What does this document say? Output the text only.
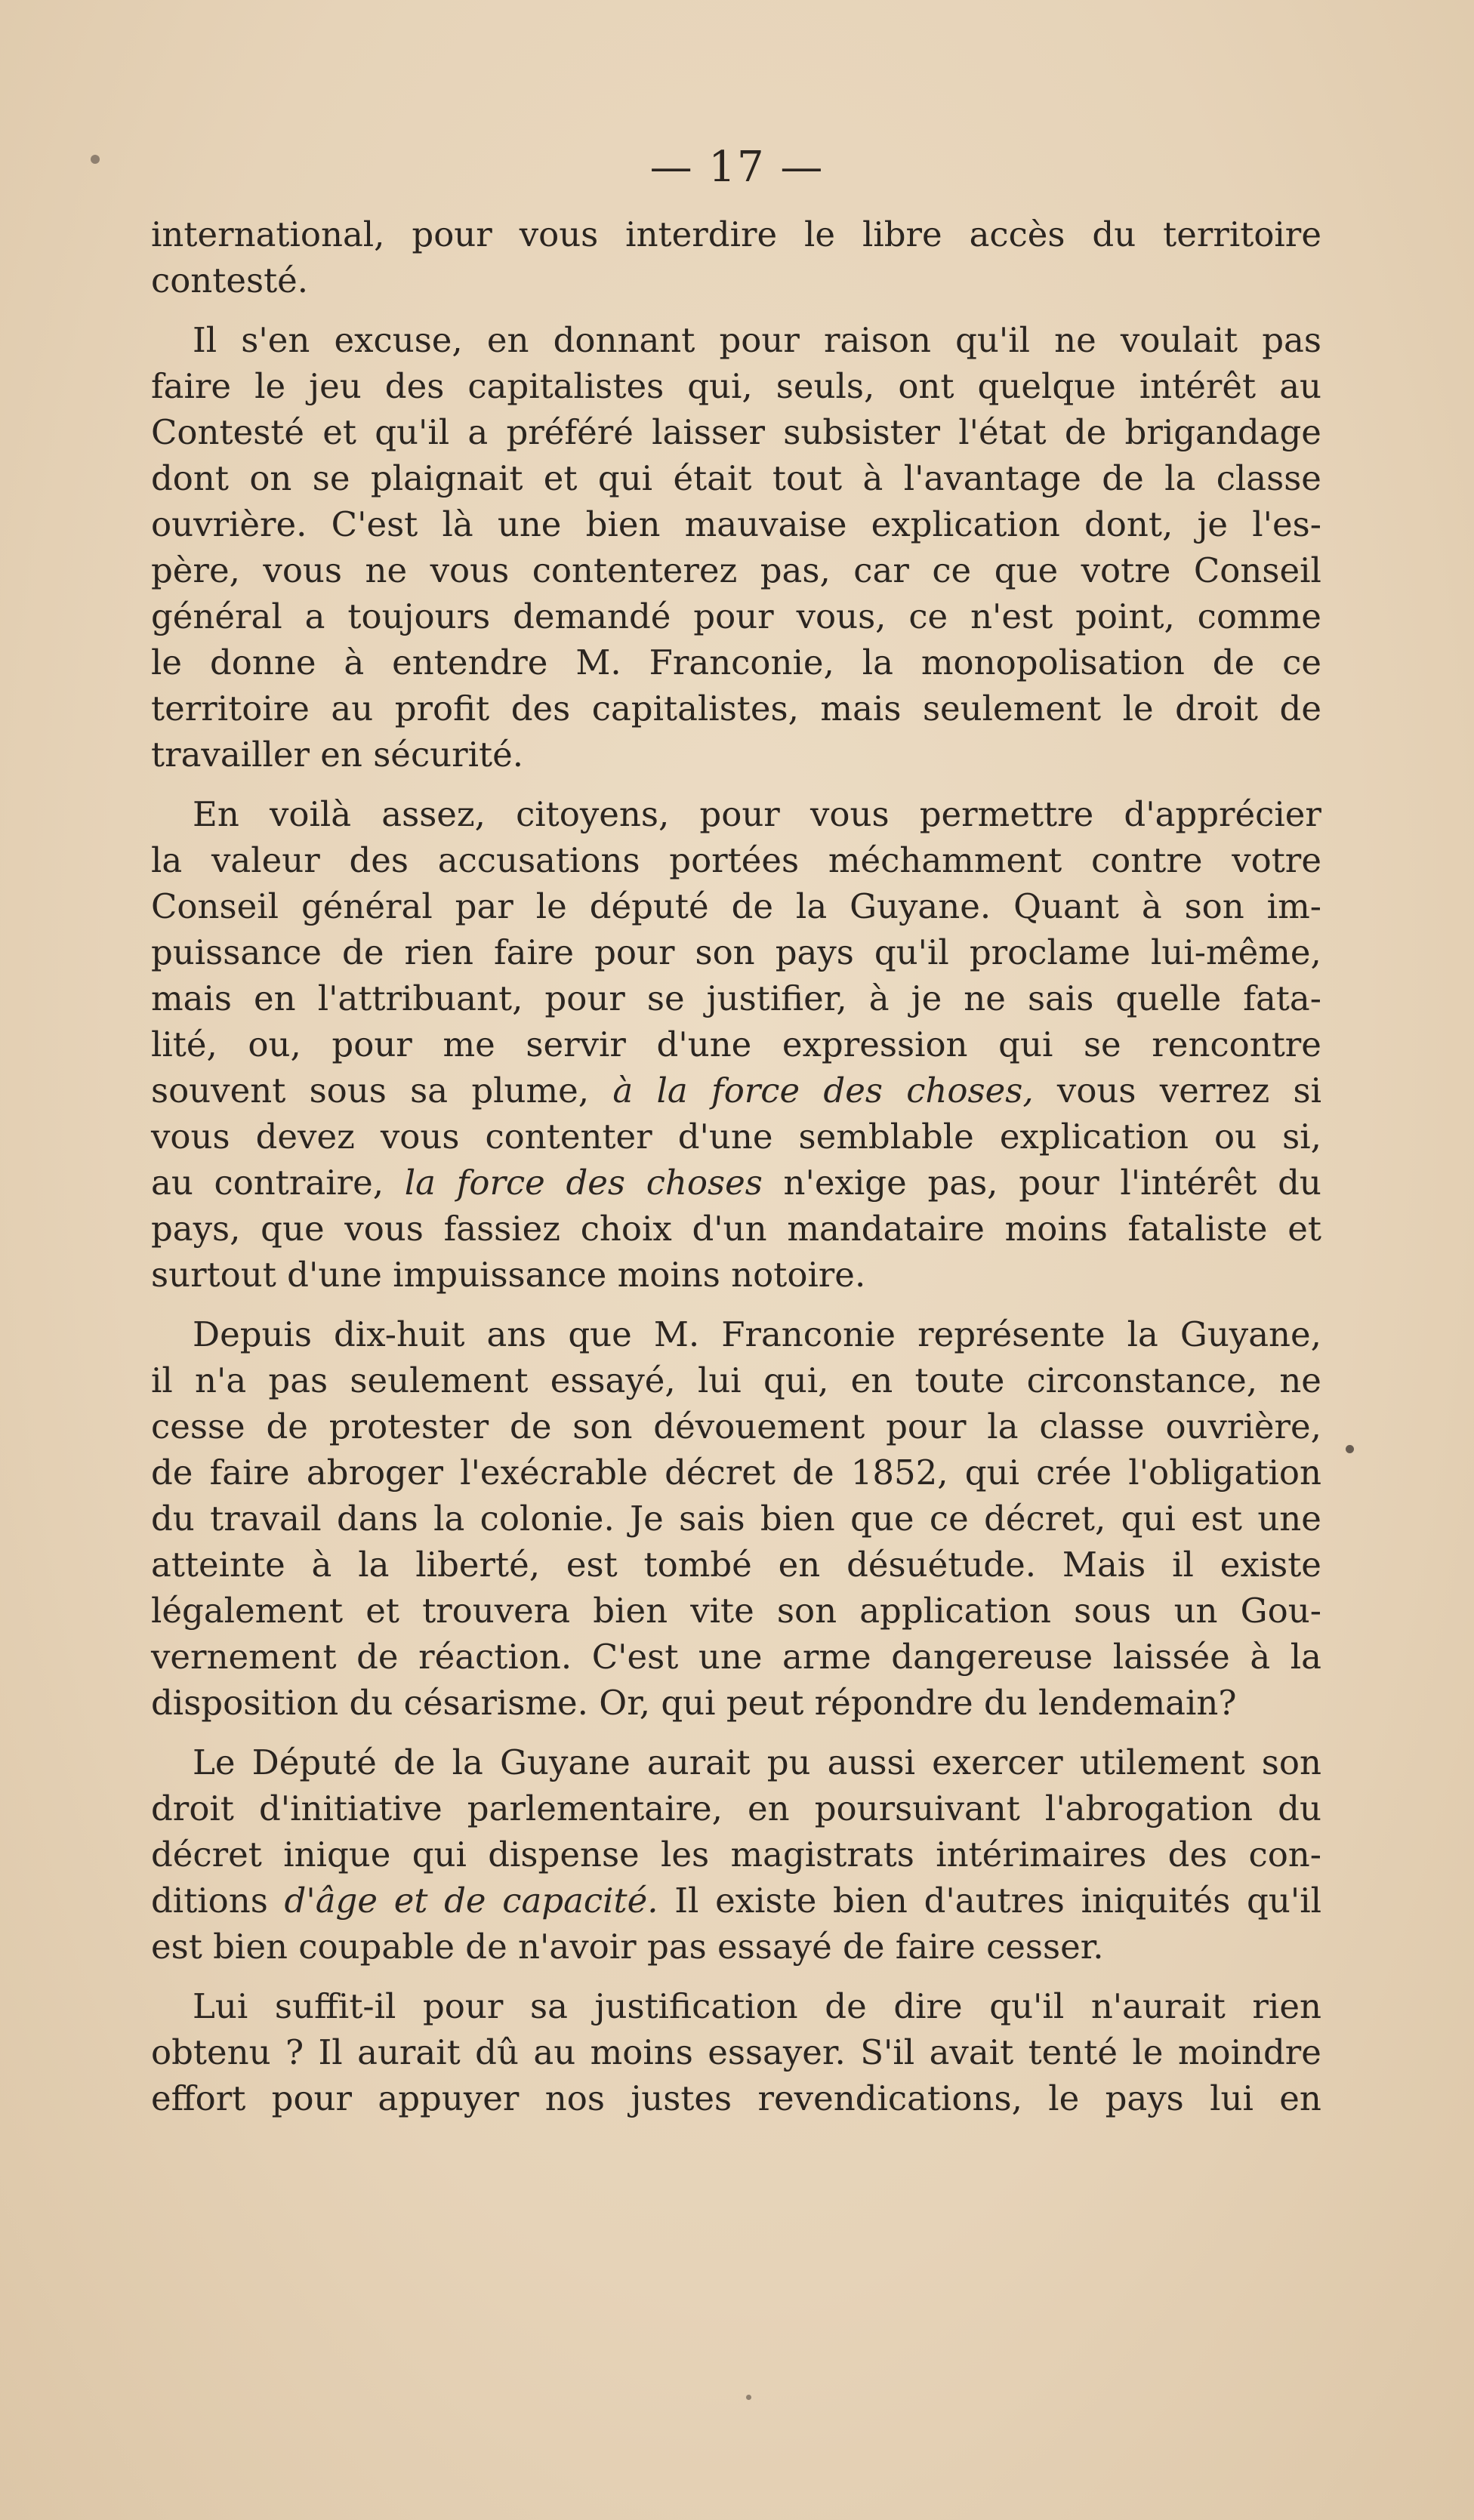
— 17 —
international, pour vous interdire le libre accès du territoire
contesté.
Il s'en excuse, en donnant pour raison qu'il ne voulait pas
faire le jeu des capitalistes qui, seuls, ont quelque intérêt au
Contesté et qu'il a préféré laisser subsister l'état de brigandage
dont on se plaignait et qui était tout à l'avantage de la classe
ouvrière. C'est là une bien mauvaise explication dont, je l'es-
père, vous ne vous contenterez pas, car ce que votre Conseil
général a toujours demandé pour vous, ce n'est point, comme
le donne à entendre M. Franconie, la monopolisation de ce
territoire au profit des capitalistes, mais seulement le droit de
travailler en sécurité.
En voilà assez, citoyens, pour vous permettre d'apprécier
la valeur des accusations portées méchamment contre votre
Conseil général par le député de la Guyane. Quant à son im-
puissance de rien faire pour son pays qu'il proclame lui-même,
mais en l'attribuant, pour se justifier, à je ne sais quelle fata-
lité, ou, pour me servir d'une expression qui se rencontre
souvent sous sa plume, à la force des choses, vous verrez si
vous devez vous contenter d'une semblable explication ou si,
au contraire, la force des choses n'exige pas, pour l'intérêt du
pays, que vous fassiez choix d'un mandataire moins fataliste et
surtout d'une impuissance moins notoire.
Depuis dix-huit ans que M. Franconie représente la Guyane,
il n'a pas seulement essayé, lui qui, en toute circonstance, ne
cesse de protester de son dévouement pour la classe ouvrière,
de faire abroger l'exécrable décret de 1852, qui crée l'obligation
du travail dans la colonie. Je sais bien que ce décret, qui est une
atteinte à la liberté, est tombé en désuétude. Mais il existe
légalement et trouvera bien vite son application sous un Gou-
vernement de réaction. C'est une arme dangereuse laissée à la
disposition du césarisme. Or, qui peut répondre du lendemain?
Le Député de la Guyane aurait pu aussi exercer utilement son
droit d'initiative parlementaire, en poursuivant l'abrogation du
décret inique qui dispense les magistrats intérimaires des con-
ditions d'âge et de capacité. Il existe bien d'autres iniquités qu'il
est bien coupable de n'avoir pas essayé de faire cesser.
Lui suffit-il pour sa justification de dire qu'il n'aurait rien
obtenu ? Il aurait dû au moins essayer. S'il avait tenté le moindre
effort pour appuyer nos justes revendications, le pays lui en
